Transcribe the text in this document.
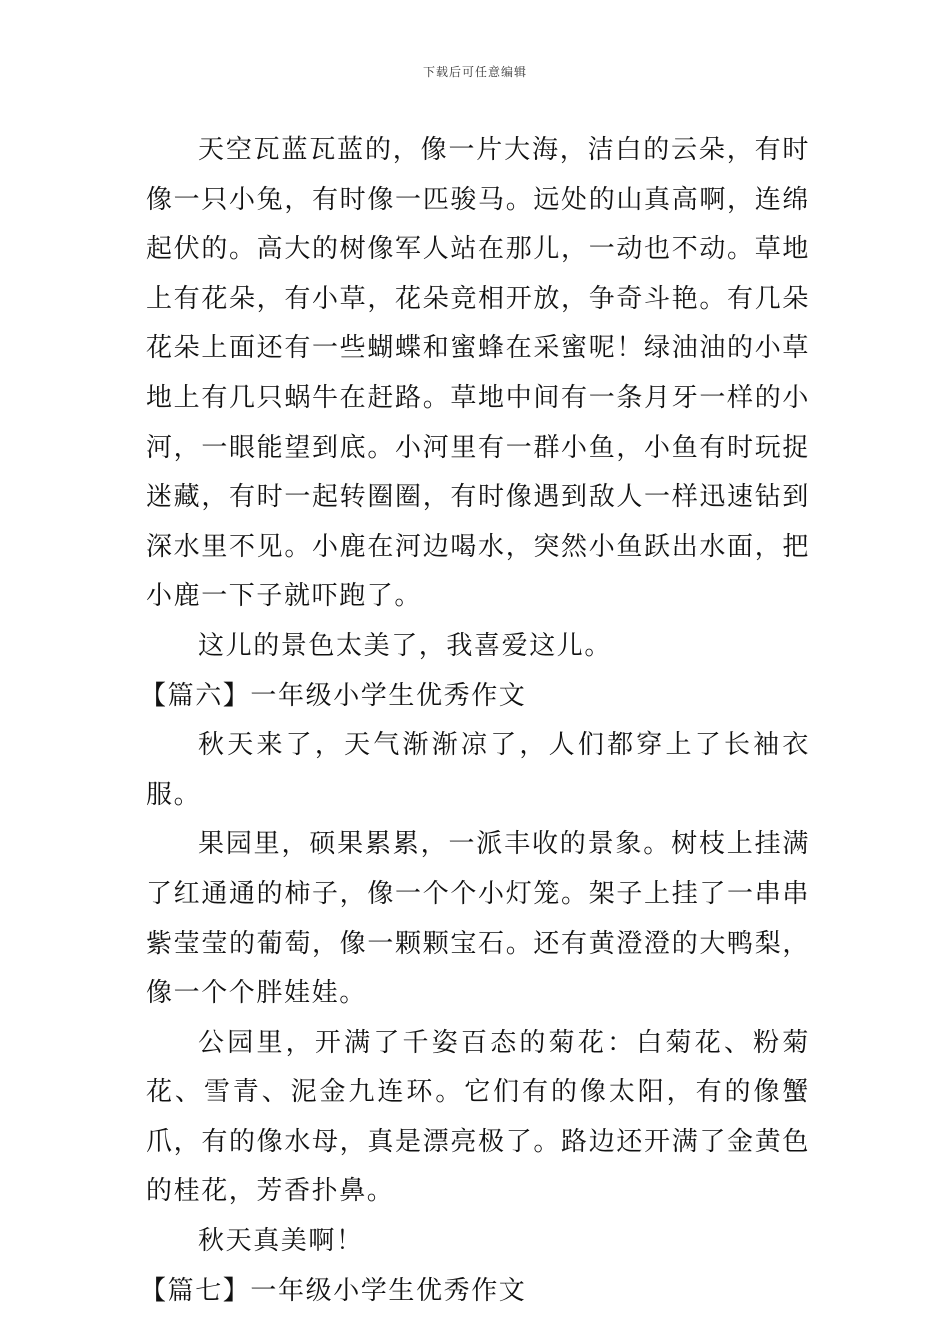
下载后可任意编辑

天空瓦蓝瓦蓝的，像一片大海，洁白的云朵，有时像一只小兔，有时像一匹骏马。远处的山真高啊，连绵起伏的。高大的树像军人站在那儿，一动也不动。草地上有花朵，有小草，花朵竞相开放，争奇斗艳。有几朵花朵上面还有一些蝴蝶和蜜蜂在采蜜呢！绿油油的小草地上有几只蜗牛在赶路。草地中间有一条月牙一样的小河，一眼能望到底。小河里有一群小鱼，小鱼有时玩捉迷藏，有时一起转圈圈，有时像遇到敌人一样迅速钻到深水里不见。小鹿在河边喝水，突然小鱼跃出水面，把小鹿一下子就吓跑了。

这儿的景色太美了，我喜爱这儿。

【篇六】一年级小学生优秀作文

秋天来了，天气渐渐凉了，人们都穿上了长袖衣服。

果园里，硕果累累，一派丰收的景象。树枝上挂满了红通通的柿子，像一个个小灯笼。架子上挂了一串串紫莹莹的葡萄，像一颗颗宝石。还有黄澄澄的大鸭梨，像一个个胖娃娃。

公园里，开满了千姿百态的菊花：白菊花、粉菊花、雪青、泥金九连环。它们有的像太阳，有的像蟹爪，有的像水母，真是漂亮极了。路边还开满了金黄色的桂花，芳香扑鼻。

秋天真美啊！

【篇七】一年级小学生优秀作文
